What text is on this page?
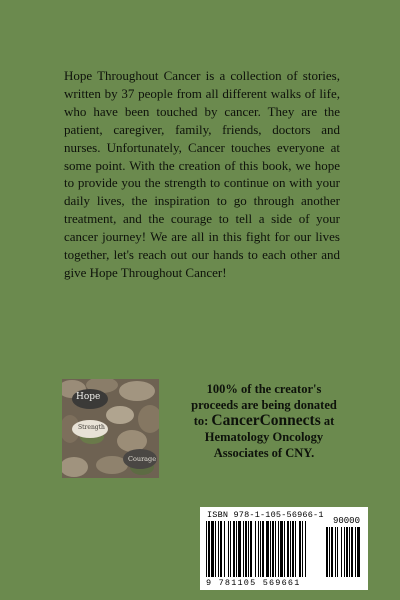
Hope Throughout Cancer is a collection of stories, written by 37 people from all different walks of life, who have been touched by cancer. They are the patient, caregiver, family, friends, doctors and nurses. Unfortunately, Cancer touches everyone at some point. With the creation of this book, we hope to provide you the strength to continue on with your daily lives, the inspiration to go through another treatment, and the courage to tell a side of your cancer journey! We are all in this fight for our lives together, let's reach out our hands to each other and give Hope Throughout Cancer!

Hope
Strength
Courage
100% of the creator's
proceeds are being donated
to: CancerConnects at
Hematology Oncology
Associates of CNY.
ISBN 978-1-105-56966-1
90000
9 781105 569661
